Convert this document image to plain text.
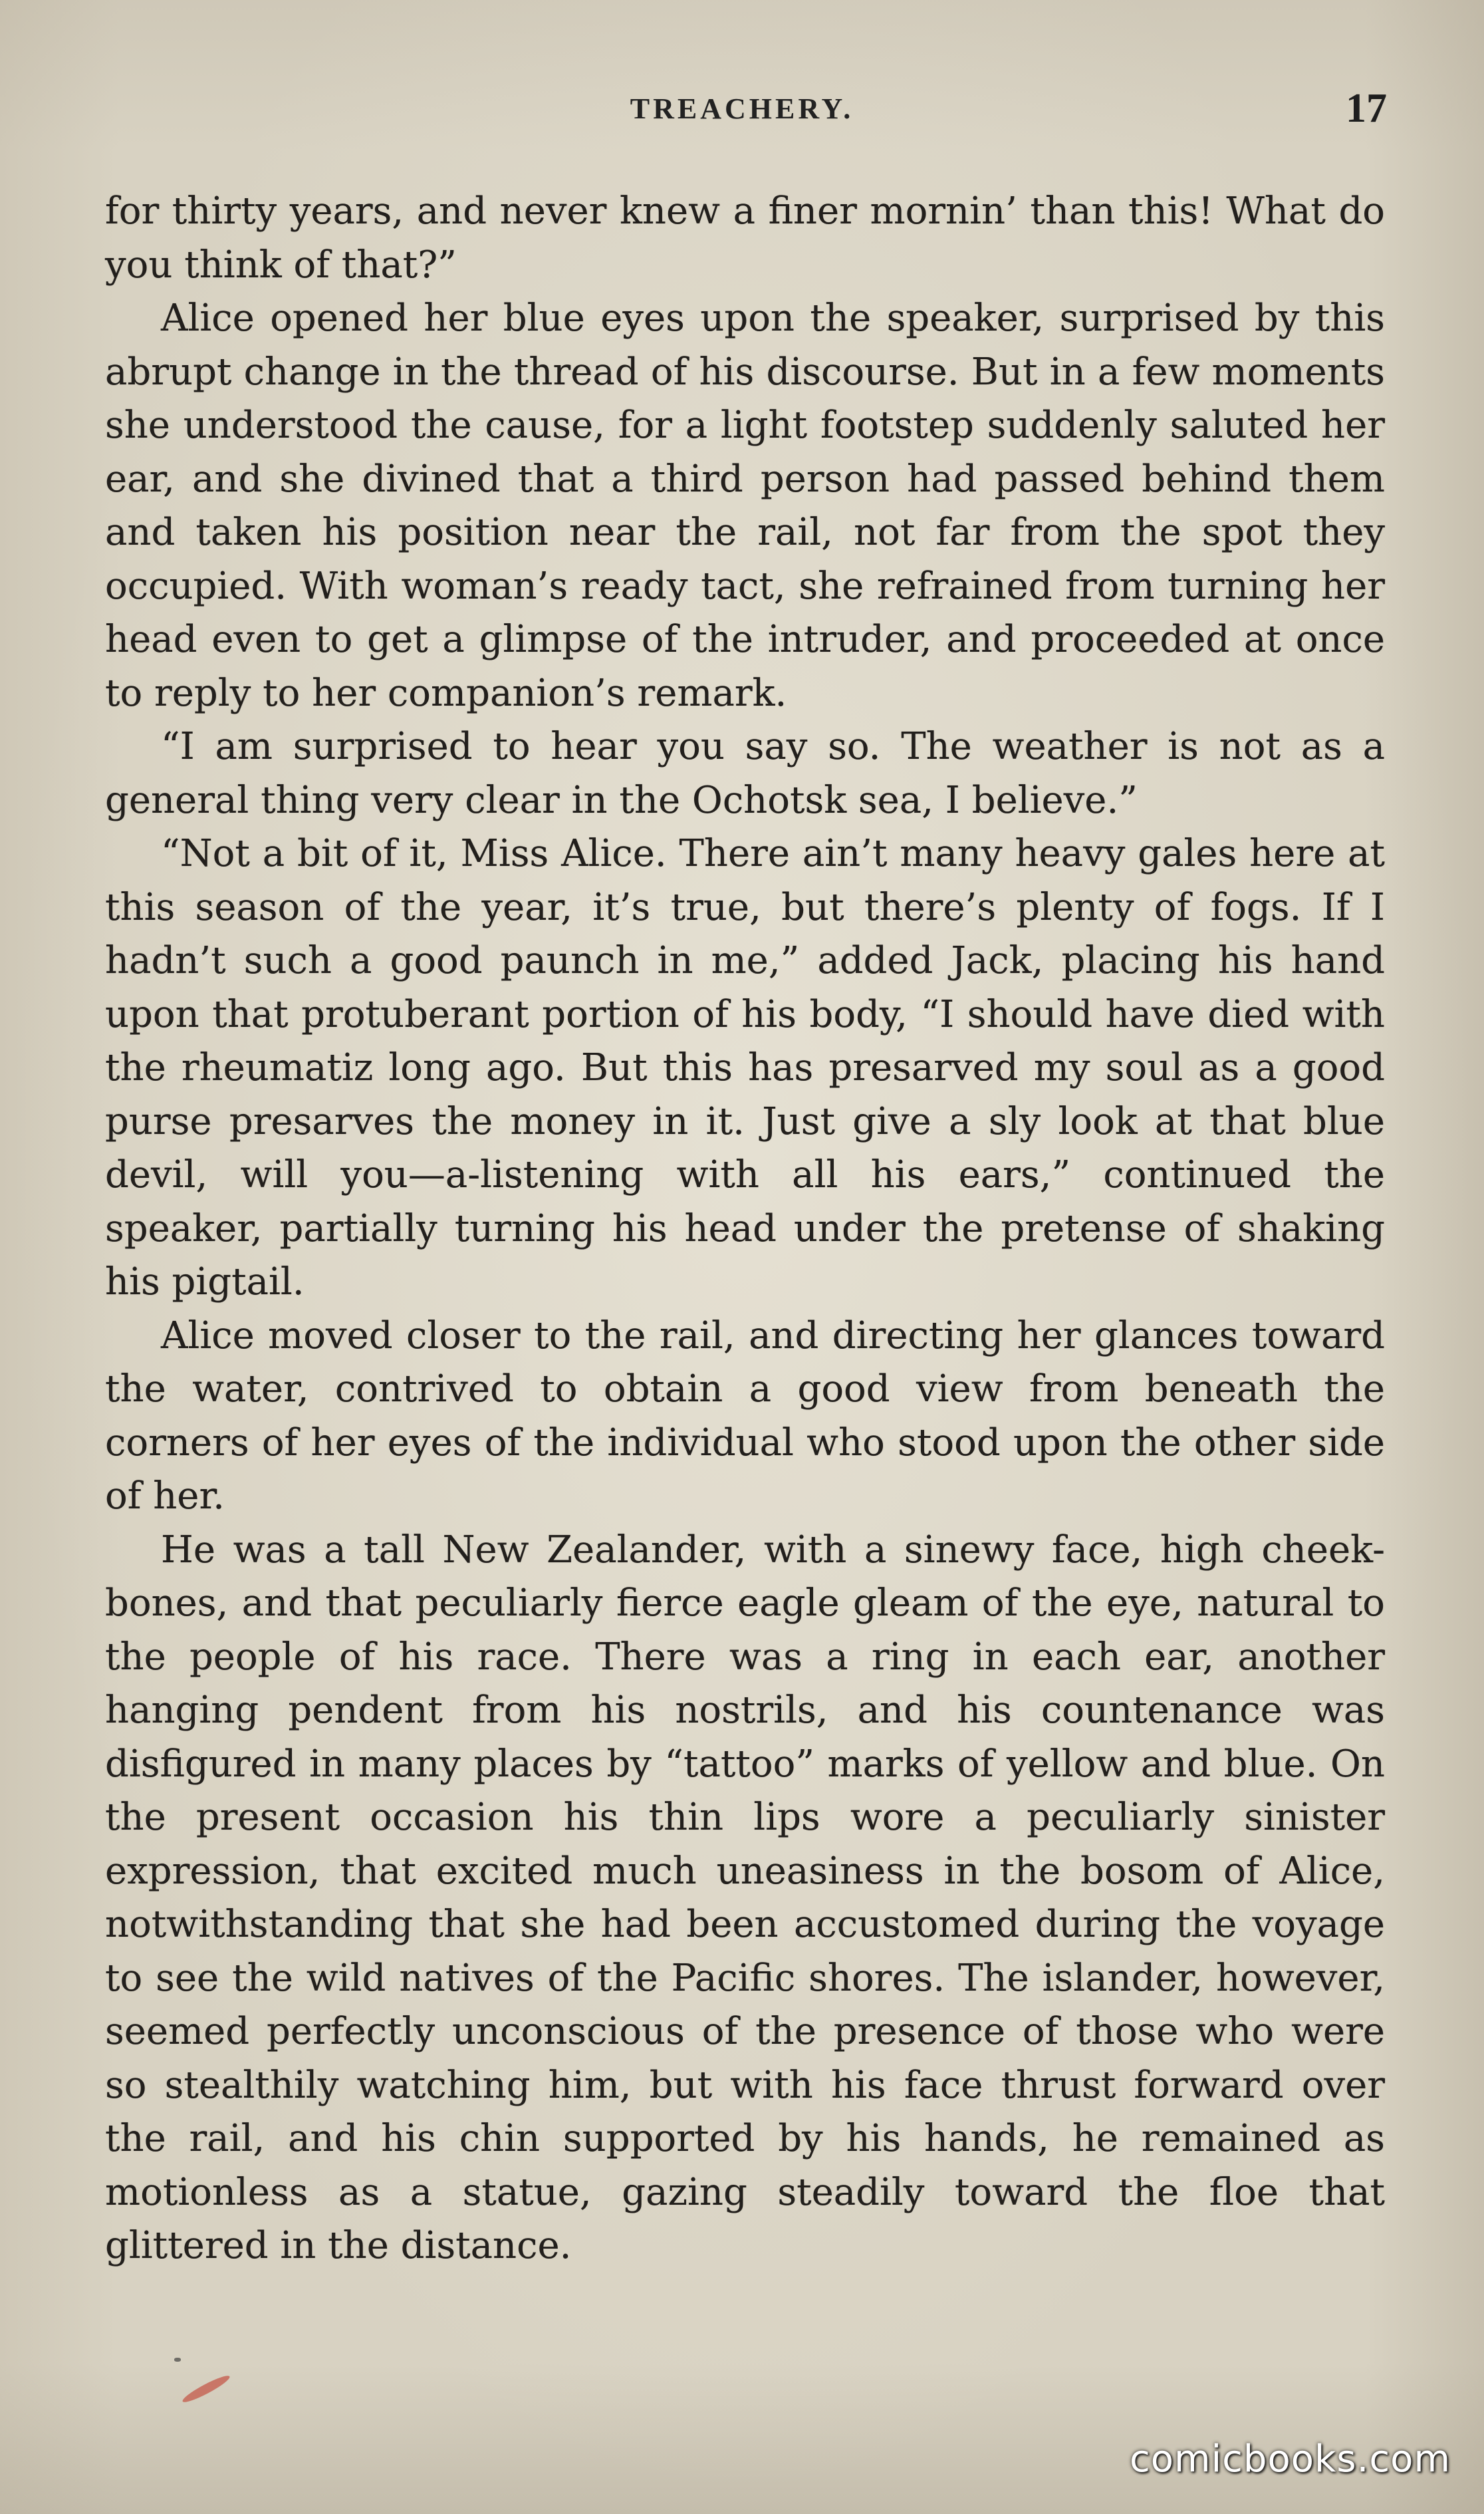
TREACHERY.	17

for thirty years, and never knew a finer mornin’ than this! What do you think of that?”

Alice opened her blue eyes upon the speaker, surprised by this abrupt change in the thread of his discourse. But in a few moments she understood the cause, for a light footstep suddenly saluted her ear, and she divined that a third person had passed behind them and taken his position near the rail, not far from the spot they occupied. With woman’s ready tact, she refrained from turning her head even to get a glimpse of the intruder, and proceeded at once to reply to her companion’s remark.

“I am surprised to hear you say so. The weather is not as a general thing very clear in the Ochotsk sea, I believe.”

“Not a bit of it, Miss Alice. There ain’t many heavy gales here at this season of the year, it’s true, but there’s plenty of fogs. If I hadn’t such a good paunch in me,” added Jack, placing his hand upon that protuberant portion of his body, “I should have died with the rheumatiz long ago. But this has presarved my soul as a good purse presarves the money in it. Just give a sly look at that blue devil, will you—a-listening with all his ears,” continued the speaker, partially turning his head under the pretense of shaking his pigtail.

Alice moved closer to the rail, and directing her glances toward the water, contrived to obtain a good view from beneath the corners of her eyes of the individual who stood upon the other side of her.

He was a tall New Zealander, with a sinewy face, high cheek-bones, and that peculiarly fierce eagle gleam of the eye, natural to the people of his race. There was a ring in each ear, another hanging pendent from his nostrils, and his countenance was disfigured in many places by “tattoo” marks of yellow and blue. On the present occasion his thin lips wore a peculiarly sinister expression, that excited much uneasiness in the bosom of Alice, notwithstanding that she had been accustomed during the voyage to see the wild natives of the Pacific shores. The islander, however, seemed perfectly unconscious of the presence of those who were so stealthily watching him, but with his face thrust forward over the rail, and his chin supported by his hands, he remained as motionless as a statue, gazing steadily toward the floe that glittered in the distance.

comicbooks.com
